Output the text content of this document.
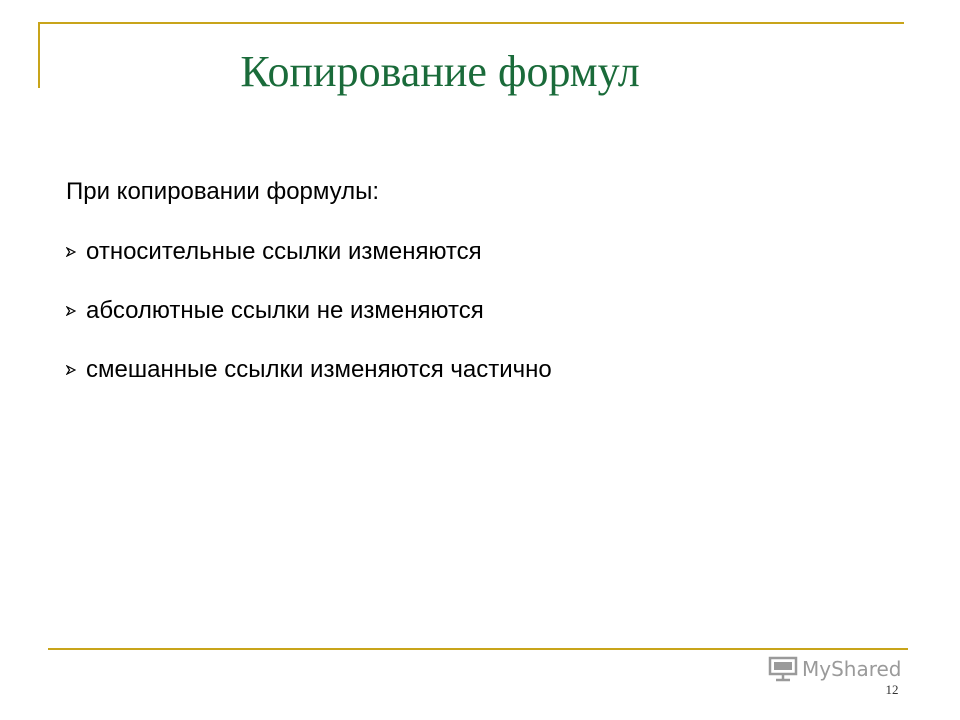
Копирование формул
При копировании формулы:
относительные ссылки изменяются
абсолютные ссылки не изменяются
смешанные ссылки изменяются частично
MyShared
12
